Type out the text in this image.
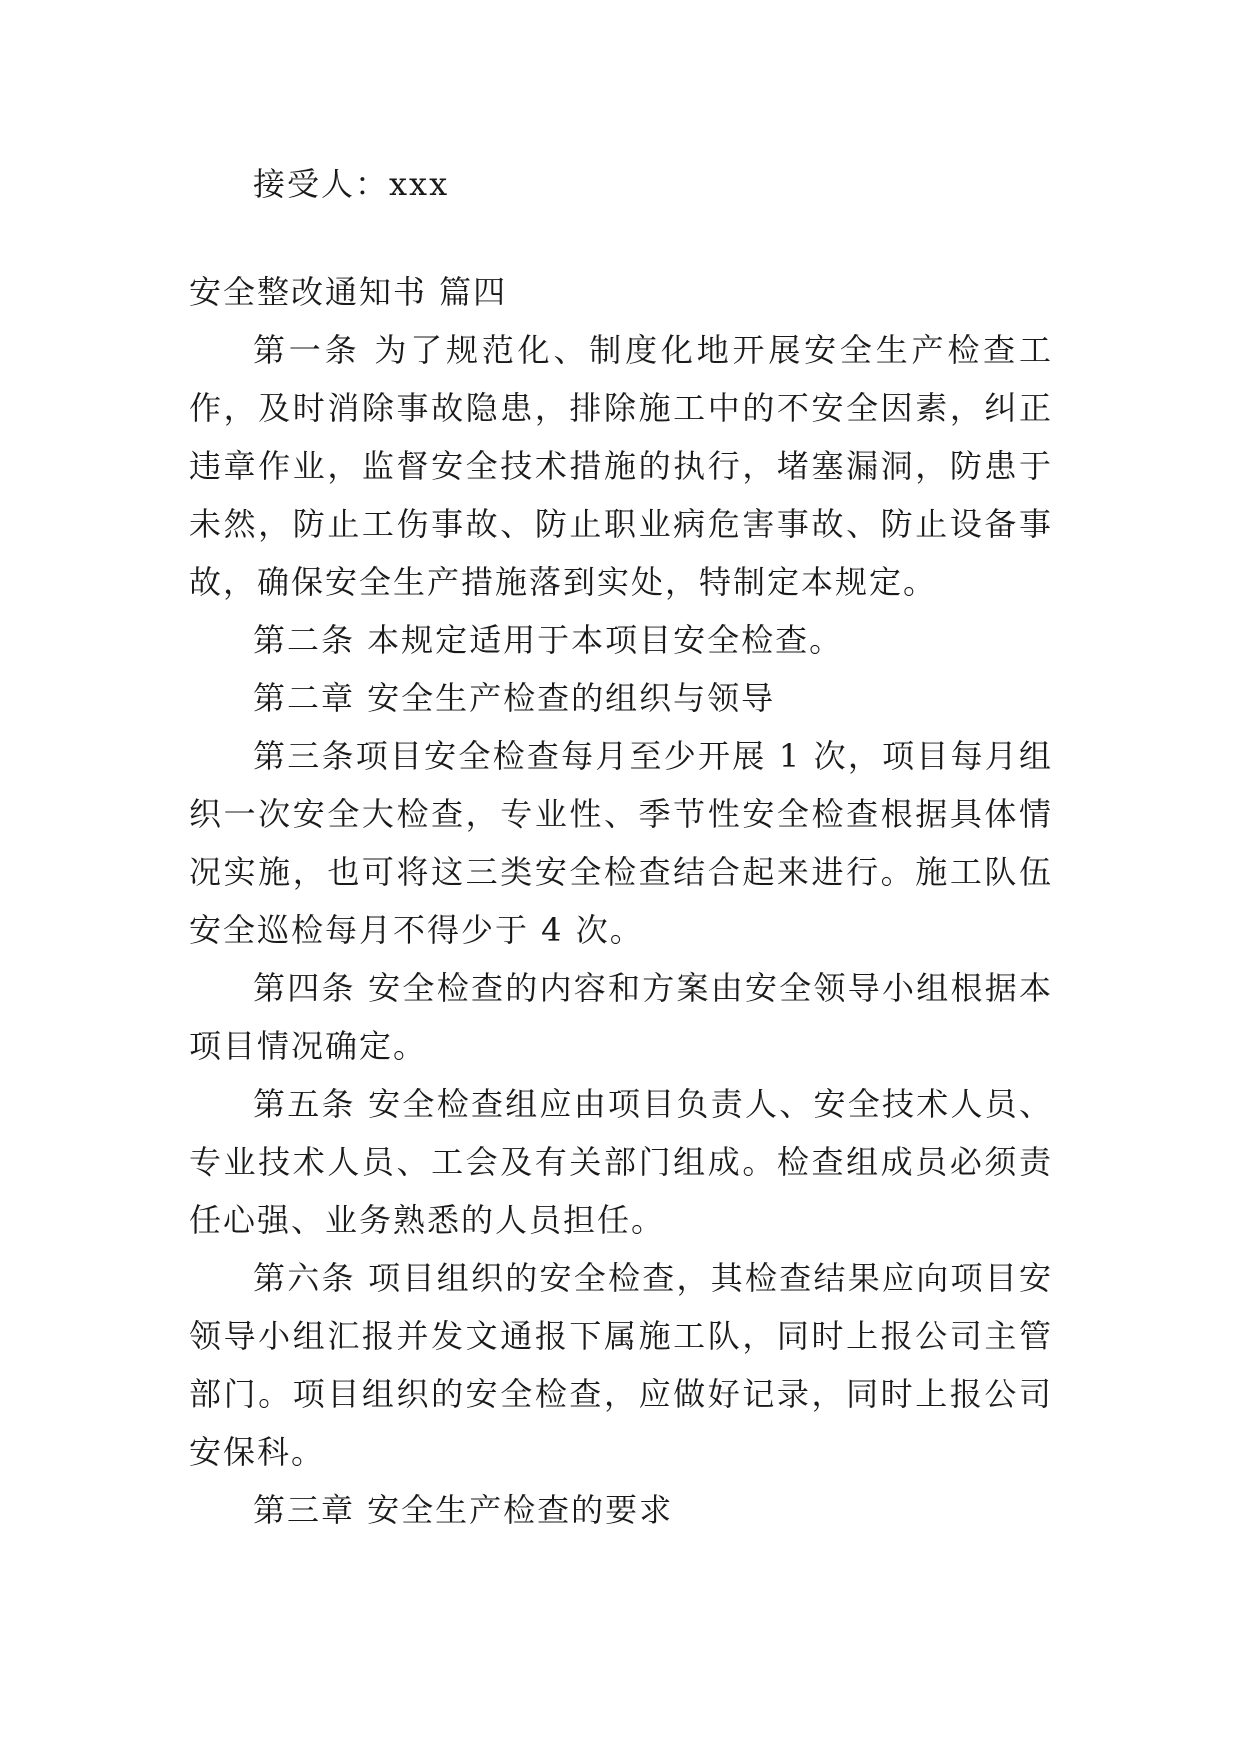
接受人：xxx

安全整改通知书 篇四

第一条 为了规范化、制度化地开展安全生产检查工作，及时消除事故隐患，排除施工中的不安全因素，纠正违章作业，监督安全技术措施的执行，堵塞漏洞，防患于未然，防止工伤事故、防止职业病危害事故、防止设备事故，确保安全生产措施落到实处，特制定本规定。

第二条 本规定适用于本项目安全检查。

第二章 安全生产检查的组织与领导

第三条项目安全检查每月至少开展 1 次，项目每月组织一次安全大检查，专业性、季节性安全检查根据具体情况实施，也可将这三类安全检查结合起来进行。施工队伍安全巡检每月不得少于 4 次。

第四条 安全检查的内容和方案由安全领导小组根据本项目情况确定。

第五条 安全检查组应由项目负责人、安全技术人员、专业技术人员、工会及有关部门组成。检查组成员必须责任心强、业务熟悉的人员担任。

第六条 项目组织的安全检查，其检查结果应向项目安领导小组汇报并发文通报下属施工队，同时上报公司主管部门。项目组织的安全检查，应做好记录，同时上报公司安保科。

第三章 安全生产检查的要求
